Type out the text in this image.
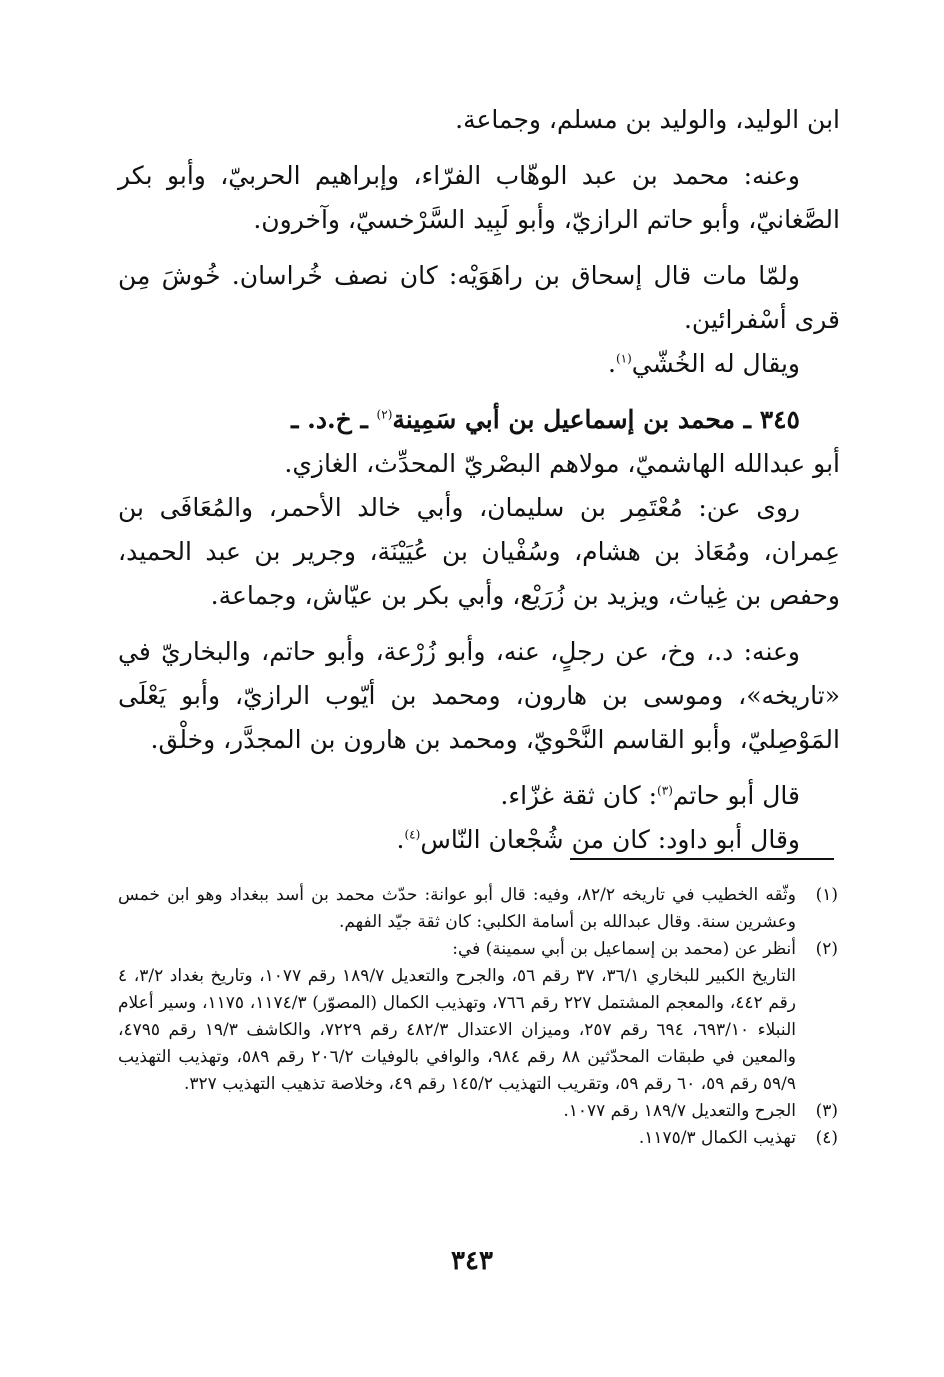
ابن الوليد، والوليد بن مسلم، وجماعة.

وعنه: محمد بن عبد الوهّاب الفرّاء، وإبراهيم الحربيّ، وأبو بكر الصَّغانيّ، وأبو حاتم الرازيّ، وأبو لَبِيد السَّرْخسيّ، وآخرون.

ولمّا مات قال إسحاق بن راهَوَيْه: كان نصف خُراسان. خُوشَ مِن قرى أسْفرائين.

ويقال له الخُشّي$^{(١)}$.

٣٤٥ ـ محمد بن إسماعيل بن أبي سَمِينة$^{(٢)}$ ـ خ.د. ـ

أبو عبدالله الهاشميّ، مولاهم البصْريّ المحدِّث، الغازي.

روى عن: مُعْتَمِر بن سليمان، وأبي خالد الأحمر، والمُعَافَى بن عِمران، ومُعَاذ بن هشام، وسُفْيان بن عُيَيْنَة، وجرير بن عبد الحميد، وحفص بن غِياث، ويزيد بن زُرَيْع، وأبي بكر بن عيّاش، وجماعة.

وعنه: د.، وخ، عن رجلٍ، عنه، وأبو زُرْعة، وأبو حاتم، والبخاريّ في «تاريخه»، وموسى بن هارون، ومحمد بن أيّوب الرازيّ، وأبو يَعْلَى المَوْصِليّ، وأبو القاسم النَّحْويّ، ومحمد بن هارون بن المجدَّر، وخلْق.

قال أبو حاتم$^{(٣)}$: كان ثقة غزّاء.

وقال أبو داود: كان من شُجْعان النّاس$^{(٤)}$.

(١)
وثّقه الخطيب في تاريخه ٨٢/٢، وفيه: قال أبو عوانة: حدّث محمد بن أسد ببغداد وهو ابن خمس وعشرين سنة. وقال عبدالله بن أسامة الكلبي: كان ثقة جيّد الفهم.
(٢)
أنظر عن (محمد بن إسماعيل بن أبي سمينة) في:
التاريخ الكبير للبخاري ٣٦/١، ٣٧ رقم ٥٦، والجرح والتعديل ١٨٩/٧ رقم ١٠٧٧، وتاريخ بغداد ٣/٢، ٤ رقم ٤٤٢، والمعجم المشتمل ٢٢٧ رقم ٧٦٦، وتهذيب الكمال (المصوّر) ١١٧٤/٣، ١١٧٥، وسير أعلام النبلاء ٦٩٣/١٠، ٦٩٤ رقم ٢٥٧، وميزان الاعتدال ٤٨٢/٣ رقم ٧٢٢٩، والكاشف ١٩/٣ رقم ٤٧٩٥، والمعين في طبقات المحدّثين ٨٨ رقم ٩٨٤، والوافي بالوفيات ٢٠٦/٢ رقم ٥٨٩، وتهذيب التهذيب ٥٩/٩ رقم ٥٩، ٦٠ رقم ٥٩، وتقريب التهذيب ١٤٥/٢ رقم ٤٩، وخلاصة تذهيب التهذيب ٣٢٧.
(٣)
الجرح والتعديل ١٨٩/٧ رقم ١٠٧٧.
(٤)
تهذيب الكمال ١١٧٥/٣.
٣٤٣
